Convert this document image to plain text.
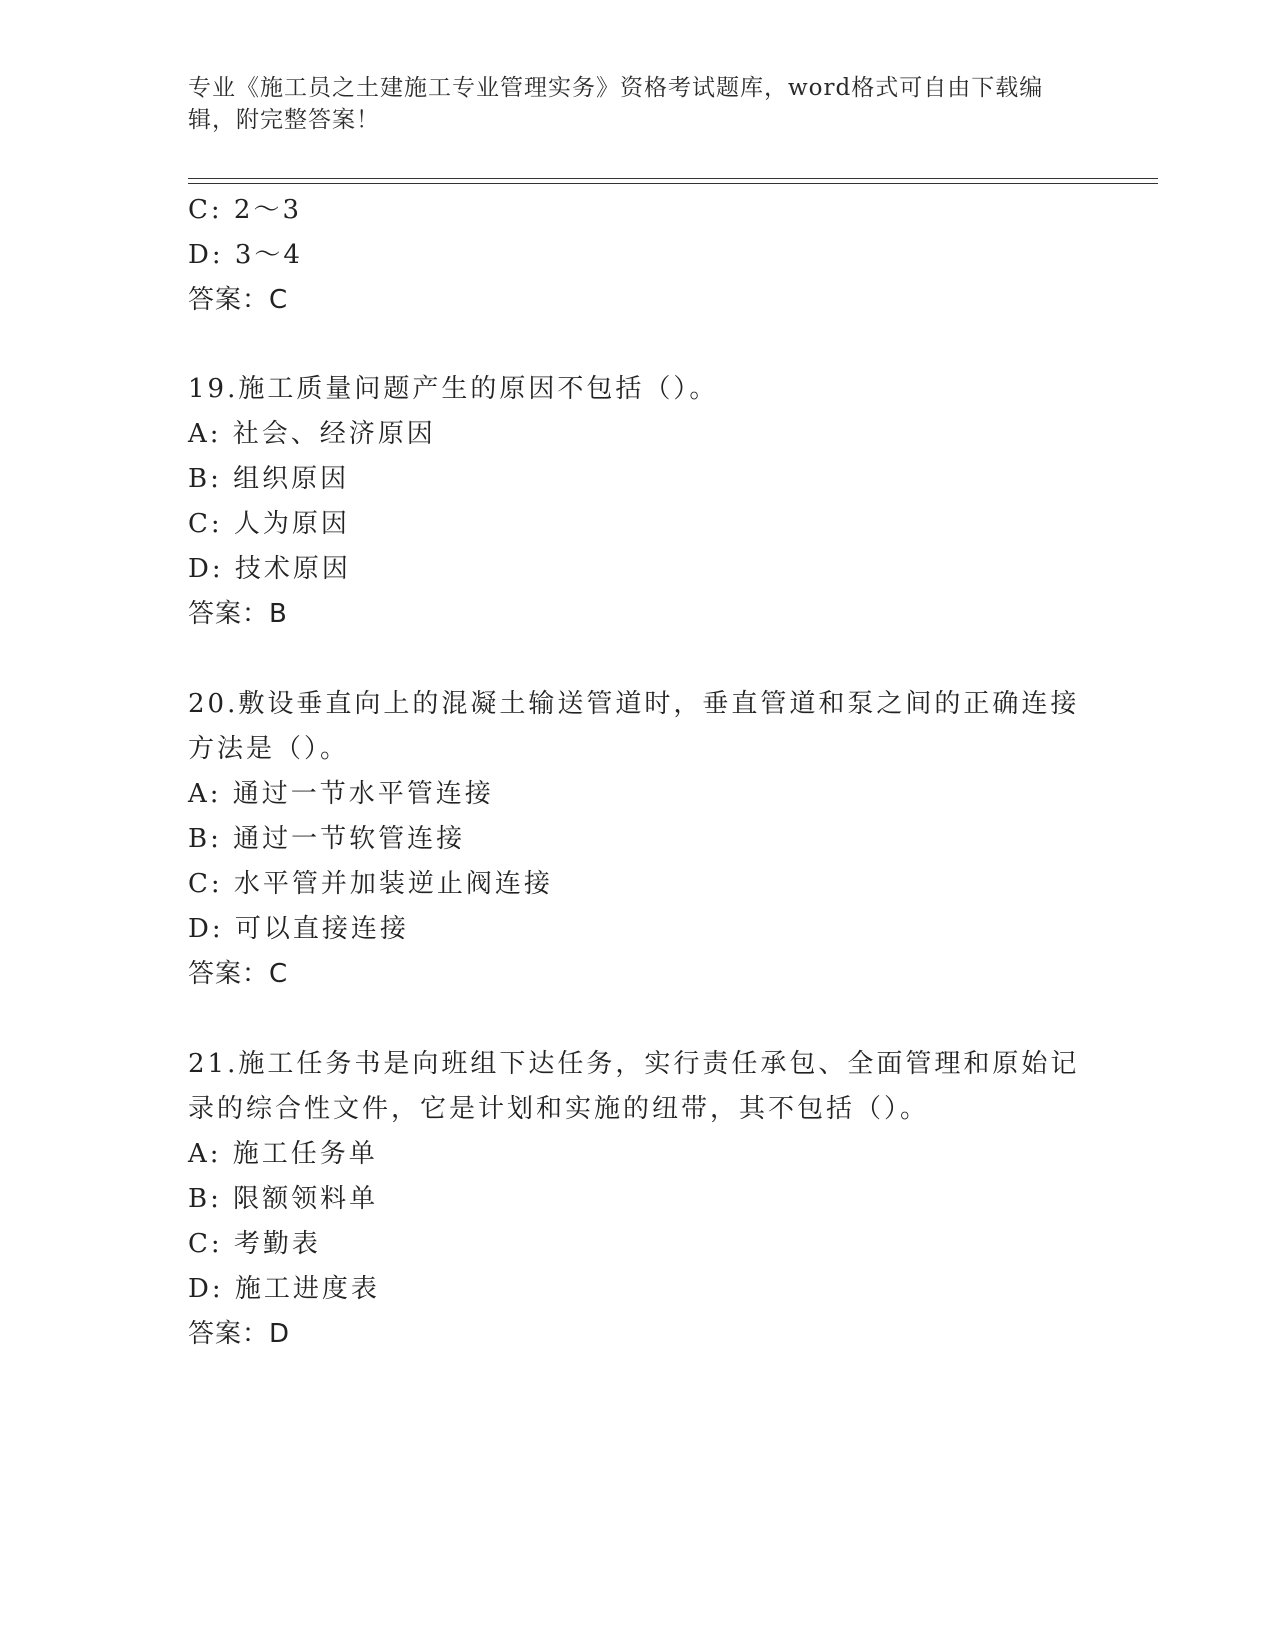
专业《施工员之土建施工专业管理实务》资格考试题库，word格式可自由下载编
辑，附完整答案！
C: 2～3
D: 3～4
答案：C
19.施工质量问题产生的原因不包括（）。
A: 社会、经济原因
B: 组织原因
C: 人为原因
D: 技术原因
答案：B
20.敷设垂直向上的混凝土输送管道时，垂直管道和泵之间的正确连接
方法是（）。
A: 通过一节水平管连接
B: 通过一节软管连接
C: 水平管并加装逆止阀连接
D: 可以直接连接
答案：C
21.施工任务书是向班组下达任务，实行责任承包、全面管理和原始记
录的综合性文件，它是计划和实施的纽带，其不包括（）。
A: 施工任务单
B: 限额领料单
C: 考勤表
D: 施工进度表
答案：D
